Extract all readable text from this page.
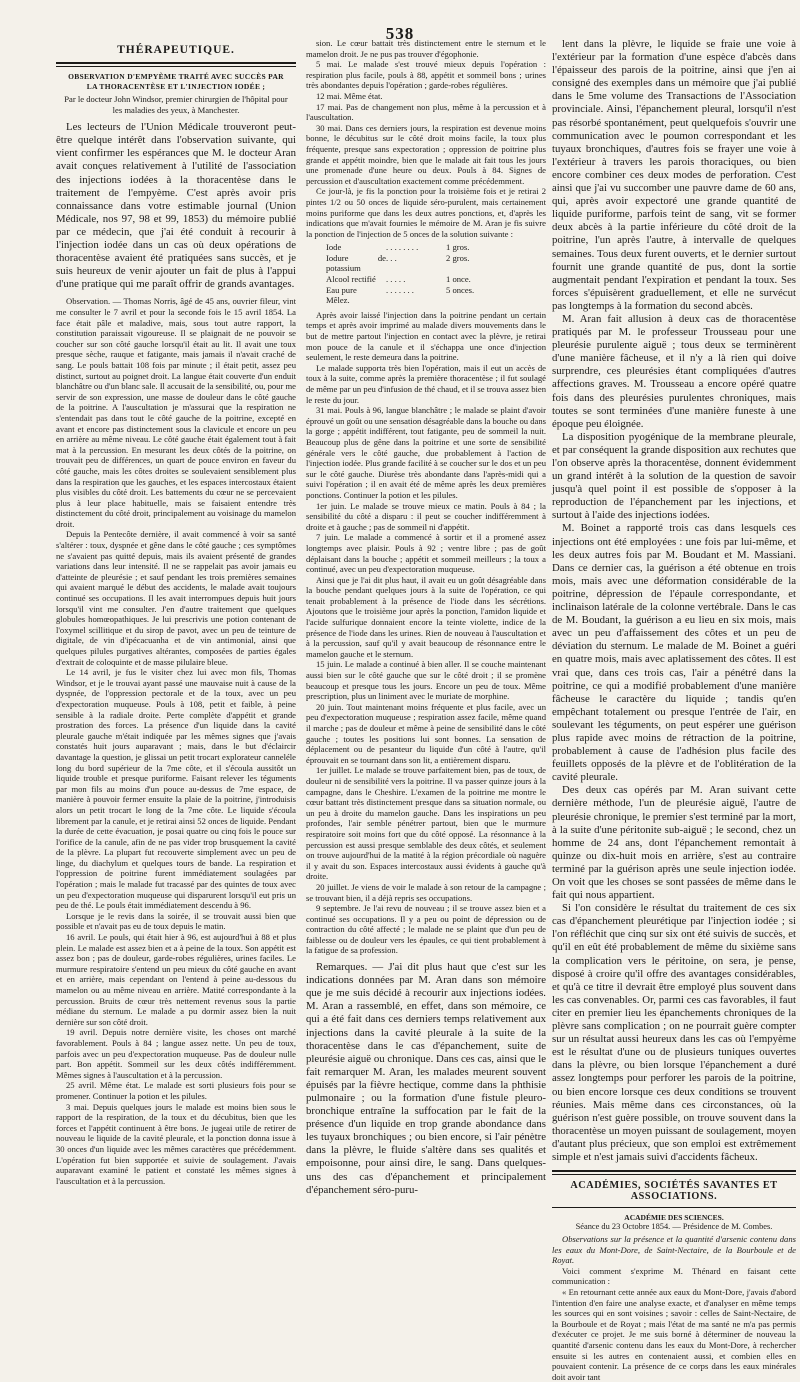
538
THÉRAPEUTIQUE.
OBSERVATION D'EMPYÈME TRAITÉ AVEC SUCCÈS PAR LA THORACENTÈSE ET L'INJECTION IODÉE ;
Par le docteur John Windsor, premier chirurgien de l'hôpital pour les maladies des yeux, à Manchester.

Les lecteurs de l'Union Médicale trouveront peut-être quelque intérêt dans l'observation suivante, qui vient confirmer les espérances que M. le docteur Aran avait conçues relativement à l'utilité de l'association des injections iodées à la thoracentèse dans le traitement de l'empyème. C'est après avoir pris connaissance dans votre estimable journal (Union Médicale, nos 97, 98 et 99, 1853) du mémoire publié par ce médecin, que j'ai été conduit à recourir à l'injection iodée dans un cas où deux opérations de thoracentèse avaient été pratiquées sans succès, et je suis heureux de venir ajouter un fait de plus à l'appui d'une pratique qui me paraît offrir de grands avantages.

Observation. — Thomas Norris, âgé de 45 ans, ouvrier fileur, vint me consulter le 7 avril et pour la seconde fois le 15 avril 1854. La face était pâle et maladive, mais, sous tout autre rapport, la constitution paraissait vigoureuse. Il se plaignait de ne pouvoir se coucher sur son côté gauche lorsqu'il était au lit. Il avait une toux presque sèche, rauque et fatigante, mais jamais il n'avait craché de sang. Le pouls battait 108 fois par minute ; il était petit, assez peu distinct, surtout au poignet droit. La langue était couverte d'un enduit blanchâtre ou d'un blanc sale. Il accusait de la sensibilité, ou, pour me servir de son expression, une masse de douleur dans le côté gauche de la poitrine. A l'auscultation je m'assurai que la respiration ne s'entendait pas dans tout le côté gauche de la poitrine, excepté en avant et encore pas distinctement sous la clavicule et encore un peu en arrière au même niveau. Le côté gauche était également tout à fait mat à la percussion. En mesurant les deux côtés de la poitrine, on trouvait peu de différences, un quart de pouce environ en faveur du côté gauche, mais les côtes droites se soulevaient sensiblement plus dans la respiration que les gauches, et les espaces intercostaux étaient plus visibles du côté droit. Les battements du cœur ne se percevaient plus à leur place habituelle, mais se faisaient entendre très distinctement du côté droit, principalement au voisinage du mamelon droit.

Depuis la Pentecôte dernière, il avait commencé à voir sa santé s'altérer : toux, dyspnée et gêne dans le côté gauche ; ces symptômes ne s'avaient pas quitté depuis, mais ils avaient présenté de grandes variations dans leur intensité. Il ne se rappelait pas avoir jamais eu d'atteinte de pleurésie ; et sauf pendant les trois premières semaines qui avaient marqué le début des accidents, le malade avait toujours continué ses occupations. Il les avait interrompues depuis huit jours lorsqu'il vint me consulter. J'en d'autre traitement que quelques globules homœopathiques. Je lui prescrivis une potion contenant de l'oxymel scillitique et du sirop de pavot, avec un peu de teinture de digitale, de vin d'ipécacuanha et de vin antimonial, ainsi que quelques pilules purgatives altérantes, composées de parties égales d'extrait de coloquinte et de masse pilulaire bleue.

Le 14 avril, je fus le visiter chez lui avec mon fils, Thomas Windsor, et je le trouvai ayant passé une mauvaise nuit à cause de la dyspnée, de l'oppression pectorale et de la toux, avec un peu d'expectoration muqueuse. Pouls à 108, petit et faible, à peine sensible à la radiale droite. Perte complète d'appétit et grande prostration des forces. La présence d'un liquide dans la cavité pleurale gauche m'était indiquée par les mêmes signes que j'avais constatés huit jours auparavant ; mais, dans le but d'éclaircir davantage la question, je glissai un petit trocart explorateur canneléle long du bord supérieur de la 7me côte, et il s'écoula aussitôt un liquide trouble et presque puriforme. Faisant relever les téguments par mon fils au moins d'un pouce au-dessus de 7me espace, de manière à pouvoir fermer ensuite la plaie de la poitrine, j'introduisis alors un petit trocart le long de la 7me côte. Le liquide s'écoula librement par la canule, et je retirai ainsi 52 onces de liquide. Pendant la durée de cette évacuation, je posai quatre ou cinq fois le pouce sur l'orifice de la canule, afin de ne pas vider trop brusquement la cavité de la plèvre. La plupart fut recouverte simplement avec un peu de linge, du diachylum et quelques tours de bande. La respiration et l'oppression de poitrine furent immédiatement soulagées par l'opération ; mais le malade fut tracassé par des quintes de toux avec un peu d'expectoration muqueuse qui disparurent lorsqu'il eut pris un peu de thé. Le pouls était immédiatement descendu à 96.

Lorsque je le revis dans la soirée, il se trouvait aussi bien que possible et n'avait pas eu de toux depuis le matin.

16 avril. Le pouls, qui était hier à 96, est aujourd'hui à 88 et plus plein. Le malade est assez bien et a à peine de la toux. Son appétit est assez bon ; pas de douleur, garde-robes régulières, urines faciles. Le murmure respiratoire s'entend un peu mieux du côté gauche en avant et en arrière, mais cependant on l'entend à peine au-dessous du mamelon ou au même niveau en arrière. Matité correspondante à la percussion. Bruits de cœur très nettement revenus sous la partie médiane du sternum. Le malade a pu dormir assez bien la nuit dernière sur son côté droit.

19 avril. Depuis notre dernière visite, les choses ont marché favorablement. Pouls à 84 ; langue assez nette. Un peu de toux, parfois avec un peu d'expectoration muqueuse. Pas de douleur nulle part. Bon appétit. Sommeil sur les deux côtés indifféremment. Mêmes signes à l'auscultation et à la percussion.

25 avril. Même état. Le malade est sorti plusieurs fois pour se promener. Continuer la potion et les pilules.

3 mai. Depuis quelques jours le malade est moins bien sous le rapport de la respiration, de la toux et du décubitus, bien que les forces et l'appétit continuent à être bons. Je jugeai utile de retirer de nouveau le liquide de la cavité pleurale, et la ponction donna issue à 30 onces d'un liquide avec les mêmes caractères que précédemment. L'opération fut bien supportée et suivie de soulagement. J'avais auparavant examiné le patient et constaté les mêmes signes à l'auscultation et à la percussion.

sion. Le cœur battait très distinctement entre le sternum et le mamelon droit. Je ne pus pas trouver d'égophonie.

5 mai. Le malade s'est trouvé mieux depuis l'opération : respiration plus facile, pouls à 88, appétit et sommeil bons ; urines très abondantes depuis l'opération ; garde-robes régulières.

12 mai. Même état.

17 mai. Pas de changement non plus, même à la percussion et à l'auscultation.

30 mai. Dans ces derniers jours, la respiration est devenue moins bonne, le décubitus sur le côté droit moins facile, la toux plus fréquente, presque sans expectoration ; oppression de poitrine plus grande et appétit moindre, bien que le malade ait fait tous les jours une promenade d'une heure ou deux. Pouls à 84. Signes de percussion et d'auscultation exactement comme précédemment.

Ce jour-là, je fis la ponction pour la troisième fois et je retirai 2 pintes 1/2 ou 50 onces de liquide séro-purulent, mais certainement moins puriforme que dans les deux autres ponctions, et, d'après les indications que m'avait fournies le mémoire de M. Aran je fis suivre la ponction de l'injection de 5 onces de la solution suivante :

Iode	. . . . . . . .	1 gros.
Iodure de potassium
. . .	2 gros.
Alcool rectifié	. . . . .	1 once.
Eau pure	. . . . . . .	5 onces.
Mêlez.

Après avoir laissé l'injection dans la poitrine pendant un certain temps et après avoir imprimé au malade divers mouvements dans le but de mettre partout l'injection en contact avec la plèvre, je retirai mon pouce de la canule et il s'échappa une once d'injection seulement, le reste demeura dans la poitrine.

Le malade supporta très bien l'opération, mais il eut un accès de toux à la suite, comme après la première thoracentèse ; il fut soulagé de même par un peu d'infusion de thé chaud, et il se trouva assez bien le reste du jour.

31 mai. Pouls à 96, langue blanchâtre ; le malade se plaint d'avoir éprouvé un goût ou une sensation désagréable dans la bouche ou dans la gorge ; appétit indifférent, tout fatigante, peu de sommeil la nuit. Beaucoup plus de gêne dans la poitrine et une sorte de sensibilité générale vers le côté gauche, due probablement à l'action de l'injection iodée. Plus grande facilité à se coucher sur le dos et un peu sur le côté gauche. Diurèse très abondante dans l'après-midi qui a suivi l'opération ; il en avait été de même après les deux premières ponctions. Continuer la potion et les pilules.

1er juin. Le malade se trouve mieux ce matin. Pouls à 84 ; la sensibilité du côté a disparu : il peut se coucher indifféremment à droite et à gauche ; pas de sommeil ni d'appétit.

7 juin. Le malade a commencé à sortir et il a promené assez longtemps avec plaisir. Pouls à 92 ; ventre libre ; pas de goût déplaisant dans la bouche ; appétit et sommeil meilleurs ; la toux a continué, avec un peu d'expectoration muqueuse.

Ainsi que je l'ai dit plus haut, il avait eu un goût désagréable dans la bouche pendant quelques jours à la suite de l'opération, ce qui tenait probablement à la présence de l'iode dans les sécrétions. Ajoutons que le troisième jour après la ponction, l'amidon liquide et l'acide sulfurique donnaient encore la teinte violette, indice de la présence de l'iode dans les urines. Rien de nouveau à l'auscultation et à la percussion, sauf qu'il y avait beaucoup de résonnance entre le mamelon gauche et le sternum.

15 juin. Le malade a continué à bien aller. Il se couche maintenant aussi bien sur le côté gauche que sur le côté droit ; il se promène beaucoup et presque tous les jours. Encore un peu de toux. Même prescription, plus un liniment avec le muriate de morphine.

20 juin. Tout maintenant moins fréquente et plus facile, avec un peu d'expectoration muqueuse ; respiration assez facile, même quand il marche ; pas de douleur et même à peine de sensibilité dans le côté gauche ; toutes les positions lui sont bonnes. La sensation de déplacement ou de pesanteur du liquide d'un côté à l'autre, qu'il éprouvait en se tournant dans son lit, a entièrement disparu.

1er juillet. Le malade se trouve parfaitement bien, pas de toux, de douleur ni de sensibilité vers la poitrine. Il va passer quinze jours à la campagne, dans le Cheshire. L'examen de la poitrine me montre le cœur battant très distinctement presque dans sa situation normale, ou un peu à droite du mamelon gauche. Dans les inspirations un peu profondes, l'air semble pénétrer partout, bien que le murmure respiratoire soit moins fort que du côté opposé. La résonnance à la percussion est aussi presque semblable des deux côtés, et seulement on trouve aujourd'hui de la matité à la région précordiale où naguère il y avait du son. Espaces intercostaux aussi évidents à gauche qu'à droite.

20 juillet. Je viens de voir le malade à son retour de la campagne ; se trouvant bien, il a déjà repris ses occupations.

9 septembre. Je l'ai revu de nouveau ; il se trouve assez bien et a continué ses occupations. Il y a peu ou point de dépression ou de contraction du côté affecté ; le malade ne se plaint que d'un peu de faiblesse ou de douleur vers les épaules, ce qui tient probablement à la fatigue de sa profession.

Remarques. — J'ai dit plus haut que c'est sur les indications données par M. Aran dans son mémoire que je me suis décidé à recourir aux injections iodées. M. Aran a rassemblé, en effet, dans son mémoire, ce qui a été fait dans ces derniers temps relativement aux injections dans la cavité pleurale à la suite de la thoracentèse dans le cas d'épanchement, suite de pleurésie aiguë ou chronique. Dans ces cas, ainsi que le fait remarquer M. Aran, les malades meurent souvent épuisés par la fièvre hectique, comme dans la phthisie pulmonaire ; ou la formation d'une fistule pleuro-bronchique entraîne la suffocation par le fait de la présence d'un liquide en trop grande abondance dans les tuyaux bronchiques ; ou bien encore, si l'air pénètre dans la plèvre, le fluide s'altère dans ses qualités et empoisonne, pour ainsi dire, le sang. Dans quelques-uns des cas d'épanchement et principalement d'épanchement séro-puru-

lent dans la plèvre, le liquide se fraie une voie à l'extérieur par la formation d'une espèce d'abcès dans l'épaisseur des parois de la poitrine, ainsi que j'en ai consigné des exemples dans un mémoire que j'ai publié dans le 5me volume des Transactions de l'Association provinciale. Ainsi, l'épanchement pleural, lorsqu'il n'est pas résorbé spontanément, peut quelquefois s'ouvrir une communication avec le poumon correspondant et les tuyaux bronchiques, d'autres fois se frayer une voie à l'extérieur à travers les parois thoraciques, ou bien encore combiner ces deux modes de perforation. C'est ainsi que j'ai vu succomber une pauvre dame de 60 ans, qui, après avoir expectoré une grande quantité de liquide puriforme, parfois teint de sang, vit se former deux abcès à la partie inférieure du côté droit de la poitrine, l'un après l'autre, à intervalle de quelques semaines. Tous deux furent ouverts, et le dernier surtout fournit une grande quantité de pus, dont la sortie augmentait pendant l'expiration et pendant la toux. Ses forces s'épuisèrent graduellement, et elle ne survécut pas longtemps à la formation du second abcès.

M. Aran fait allusion à deux cas de thoracentèse pratiqués par M. le professeur Trousseau pour une pleurésie purulente aiguë ; tous deux se terminèrent d'une manière fâcheuse, et il n'y a là rien qui doive surprendre, ces pleurésies étant compliquées d'autres affections graves. M. Trousseau a encore opéré quatre fois dans des pleurésies purulentes chroniques, mais toutes se sont terminées d'une manière funeste à une époque peu éloignée.

La disposition pyogénique de la membrane pleurale, et par conséquent la grande disposition aux rechutes que l'on observe après la thoracentèse, donnent évidemment un grand intérêt à la solution de la question de savoir jusqu'à quel point il est possible de s'opposer à la reproduction de l'épanchement par les injections, et surtout à l'aide des injections iodées.

M. Boinet a rapporté trois cas dans lesquels ces injections ont été employées : une fois par lui-même, et les deux autres fois par M. Boudant et M. Massiani. Dans ce dernier cas, la guérison a été obtenue en trois mois, mais avec une déformation considérable de la poitrine, dépression de l'épaule correspondante, et inclinaison latérale de la colonne vertébrale. Dans le cas de M. Boudant, la guérison a eu lieu en six mois, mais avec un peu d'affaissement des côtes et un peu de déviation du sternum. Le malade de M. Boinet a guéri en quatre mois, mais avec aplatissement des côtes. Il est vrai que, dans ces trois cas, l'air a pénétré dans la poitrine, ce qui a modifié probablement d'une manière fâcheuse le caractère du liquide ; tandis qu'en empêchant totalement ou presque l'entrée de l'air, en soulevant les téguments, on peut espérer une guérison plus rapide avec moins de rétraction de la poitrine, probablement à cause de l'adhésion plus facile des feuillets opposés de la plèvre et de l'oblitération de la cavité pleurale.

Des deux cas opérés par M. Aran suivant cette dernière méthode, l'un de pleurésie aiguë, l'autre de pleurésie chronique, le premier s'est terminé par la mort, à la suite d'une péritonite sub-aiguë ; le second, chez un homme de 24 ans, dont l'épanchement remontait à quinze ou dix-huit mois en arrière, s'est au contraire terminé par la guérison après une seule injection iodée. On voit que les choses se sont passées de même dans le fait qui nous appartient.

Si l'on considère le résultat du traitement de ces six cas d'épanchement pleurétique par l'injection iodée ; si l'on réfléchit que cinq sur six ont été suivis de succès, et qu'il en eût été probablement de même du sixième sans la complication vers le péritoine, on sera, je pense, disposé à croire qu'il offre des avantages considérables, et qu'à ce titre il devrait être employé plus souvent dans les cas convenables. Or, parmi ces cas favorables, il faut citer en premier lieu les épanchements chroniques de la plèvre sans complication ; on ne pourrait guère compter sur un résultat aussi heureux dans les cas où l'empyème est le résultat d'une ou de plusieurs tuniques ouvertes dans la plèvre, ou bien lorsque l'épanchement a duré assez longtemps pour perforer les parois de la poitrine, ou bien encore lorsque ces deux conditions se trouvent réunies. Mais même dans ces circonstances, où la guérison n'est guère possible, on trouve souvent dans la thoracentèse un moyen puissant de soulagement, moyen d'autant plus précieux, que son emploi est extrêmement simple et n'est jamais suivi d'accidents fâcheux.

ACADÉMIES, SOCIÉTÉS SAVANTES ET ASSOCIATIONS.
ACADÉMIE DES SCIENCES.
Séance du 23 Octobre 1854. — Présidence de M. Combes.

Observations sur la présence et la quantité d'arsenic contenu dans les eaux du Mont-Dore, de Saint-Nectaire, de la Bourboule et de Royat.

Voici comment s'exprime M. Thénard en faisant cette communication :

« En retournant cette année aux eaux du Mont-Dore, j'avais d'abord l'intention d'en faire une analyse exacte, et d'analyser en même temps les sources qui en sont voisines ; savoir : celles de Saint-Nectaire, de la Bourboule et de Royat ; mais l'état de ma santé ne m'a pas permis d'exécuter ce projet. Je me suis borné à déterminer de nouveau la quantité d'arsenic contenu dans les eaux du Mont-Dore, à rechercher ensuite si les autres en contenaient aussi, et combien elles en pouvaient contenir. La présence de ce corps dans les eaux minérales doit avoir tant
